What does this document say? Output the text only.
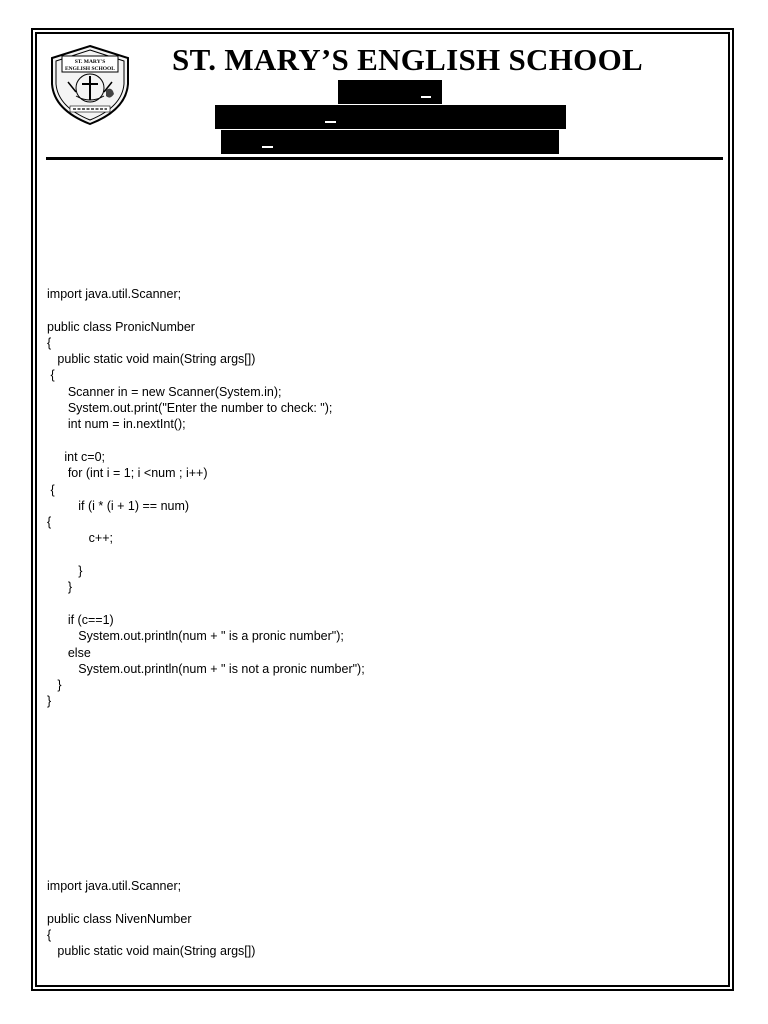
ST. MARY'S
ENGLISH SCHOOL	ST. MARY’S ENGLISH SCHOOL
import java.util.Scanner;

public class PronicNumber
{
public static void main(String args[])
{
Scanner in = new Scanner(System.in);
System.out.print("Enter the number to check: ");
int num = in.nextInt();

int c=0;
for (int i = 1; i <num ; i++)
{
if (i * (i + 1) == num)
{
c++;

}
}

if (c==1)
System.out.println(num + " is a pronic number");
else
System.out.println(num + " is not a pronic number");
}
}
import java.util.Scanner;

public class NivenNumber
{
public static void main(String args[])
